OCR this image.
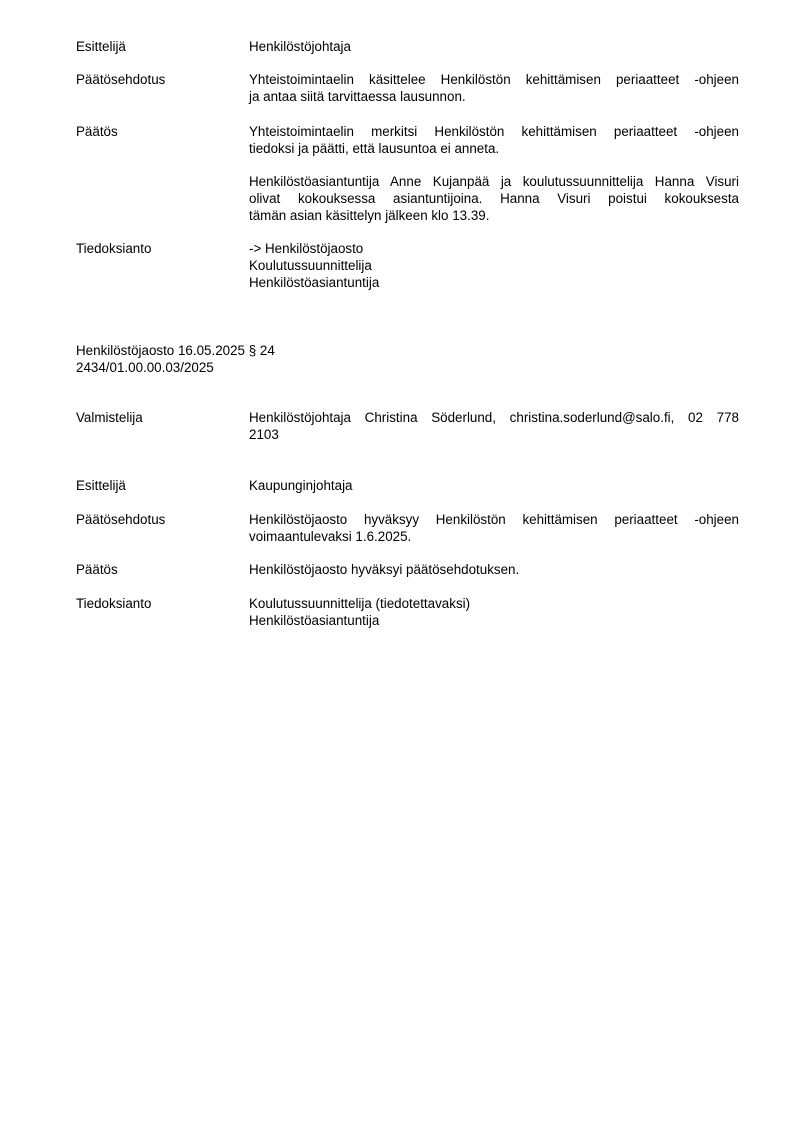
Esittelijä	Henkilöstöjohtaja
Päätösehdotus	Yhteistoimintaelin käsittelee Henkilöstön kehittämisen periaatteet -ohjeen
ja antaa siitä tarvittaessa lausunnon.
Päätös	Yhteistoimintaelin merkitsi Henkilöstön kehittämisen periaatteet -ohjeen
tiedoksi ja päätti, että lausuntoa ei anneta.
Henkilöstöasiantuntija Anne Kujanpää ja koulutussuunnittelija Hanna Visuri
olivat kokouksessa asiantuntijoina. Hanna Visuri poistui kokouksesta
tämän asian käsittelyn jälkeen klo 13.39.
Tiedoksianto	-> Henkilöstöjaosto
Koulutussuunnittelija
Henkilöstöasiantuntija
Henkilöstöjaosto 16.05.2025 § 24
2434/01.00.00.03/2025
Valmistelija	Henkilöstöjohtaja Christina Söderlund, christina.soderlund@salo.fi, 02 778
2103
Esittelijä	Kaupunginjohtaja
Päätösehdotus	Henkilöstöjaosto hyväksyy Henkilöstön kehittämisen periaatteet -ohjeen
voimaantulevaksi 1.6.2025.
Päätös	Henkilöstöjaosto hyväksyi päätösehdotuksen.
Tiedoksianto	Koulutussuunnittelija (tiedotettavaksi)
Henkilöstöasiantuntija
